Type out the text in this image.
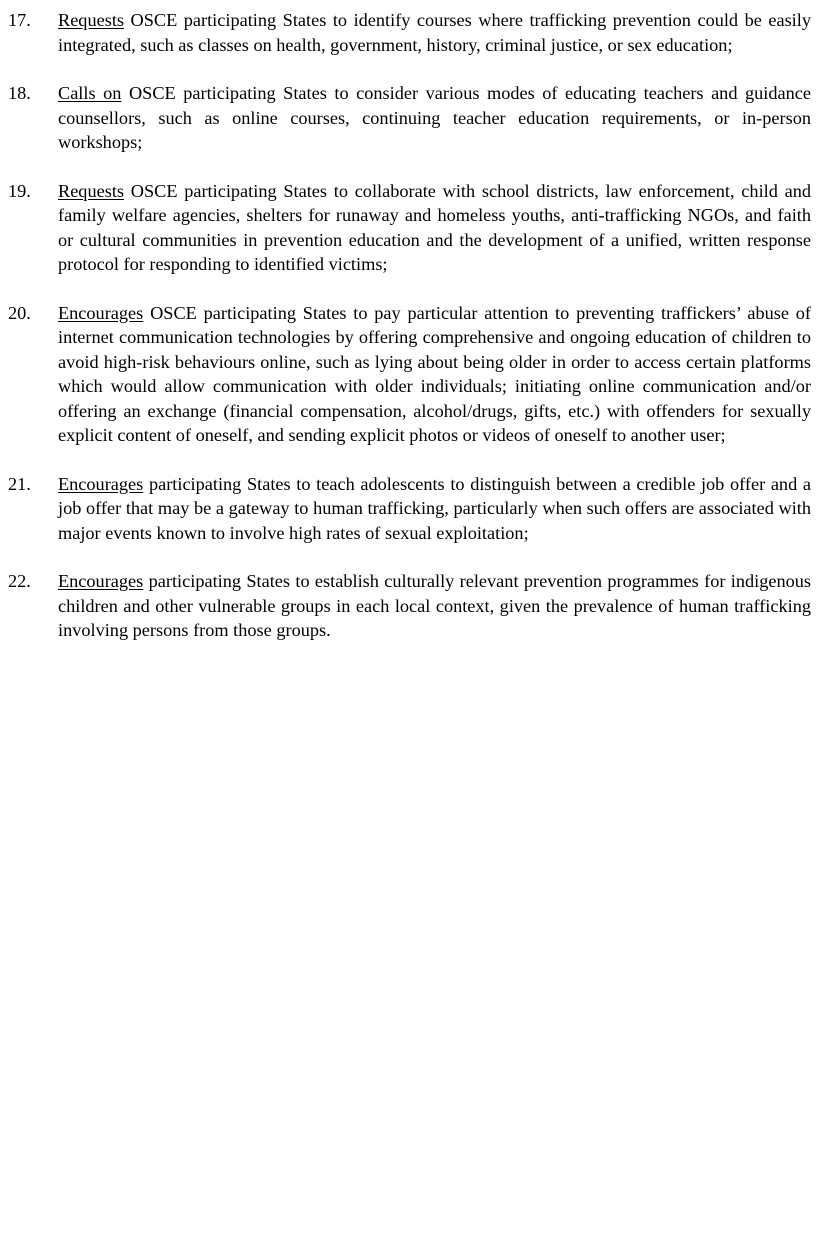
17.	Requests OSCE participating States to identify courses where trafficking prevention could be easily integrated, such as classes on health, government, history, criminal justice, or sex education;
18.	Calls on OSCE participating States to consider various modes of educating teachers and guidance counsellors, such as online courses, continuing teacher education requirements, or in-person workshops;
19.	Requests OSCE participating States to collaborate with school districts, law enforcement, child and family welfare agencies, shelters for runaway and homeless youths, anti-trafficking NGOs, and faith or cultural communities in prevention education and the development of a unified, written response protocol for responding to identified victims;
20.	Encourages OSCE participating States to pay particular attention to preventing traffickers’ abuse of internet communication technologies by offering comprehensive and ongoing education of children to avoid high-risk behaviours online, such as lying about being older in order to access certain platforms which would allow communication with older individuals; initiating online communication and/or offering an exchange (financial compensation, alcohol/drugs, gifts, etc.) with offenders for sexually explicit content of oneself, and sending explicit photos or videos of oneself to another user;
21.	Encourages participating States to teach adolescents to distinguish between a credible job offer and a job offer that may be a gateway to human trafficking, particularly when such offers are associated with major events known to involve high rates of sexual exploitation;
22.	Encourages participating States to establish culturally relevant prevention programmes for indigenous children and other vulnerable groups in each local context, given the prevalence of human trafficking involving persons from those groups.
